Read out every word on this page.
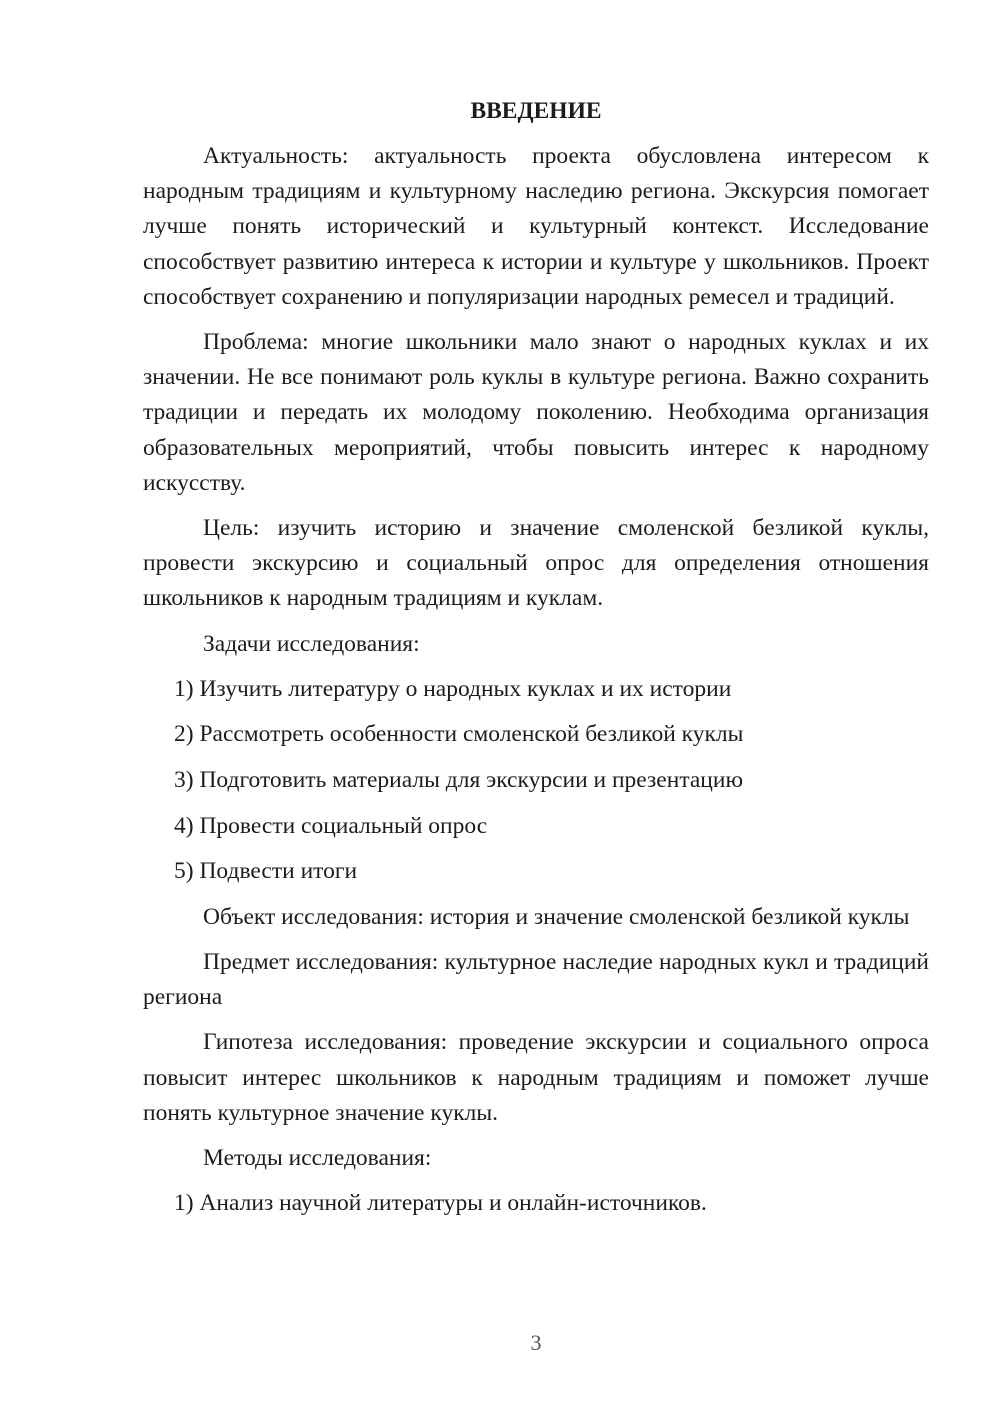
ВВЕДЕНИЕ

Актуальность: актуальность проекта обусловлена интересом к народным традициям и культурному наследию региона. Экскурсия помогает лучше понять исторический и культурный контекст. Исследование способствует развитию интереса к истории и культуре у школьников. Проект способствует сохранению и популяризации народных ремесел и традиций.

Проблема: многие школьники мало знают о народных куклах и их значении. Не все понимают роль куклы в культуре региона. Важно сохранить традиции и передать их молодому поколению. Необходима организация образовательных мероприятий, чтобы повысить интерес к народному искусству.

Цель: изучить историю и значение смоленской безликой куклы, провести экскурсию и социальный опрос для определения отношения школьников к народным традициям и куклам.

Задачи исследования:

1) Изучить литературу о народных куклах и их истории
2) Рассмотреть особенности смоленской безликой куклы
3) Подготовить материалы для экскурсии и презентацию
4) Провести социальный опрос
5) Подвести итоги

Объект исследования: история и значение смоленской безликой куклы

Предмет исследования: культурное наследие народных кукл и традиций региона

Гипотеза исследования: проведение экскурсии и социального опроса повысит интерес школьников к народным традициям и поможет лучше понять культурное значение куклы.

Методы исследования:

1) Анализ научной литературы и онлайн-источников.
3
